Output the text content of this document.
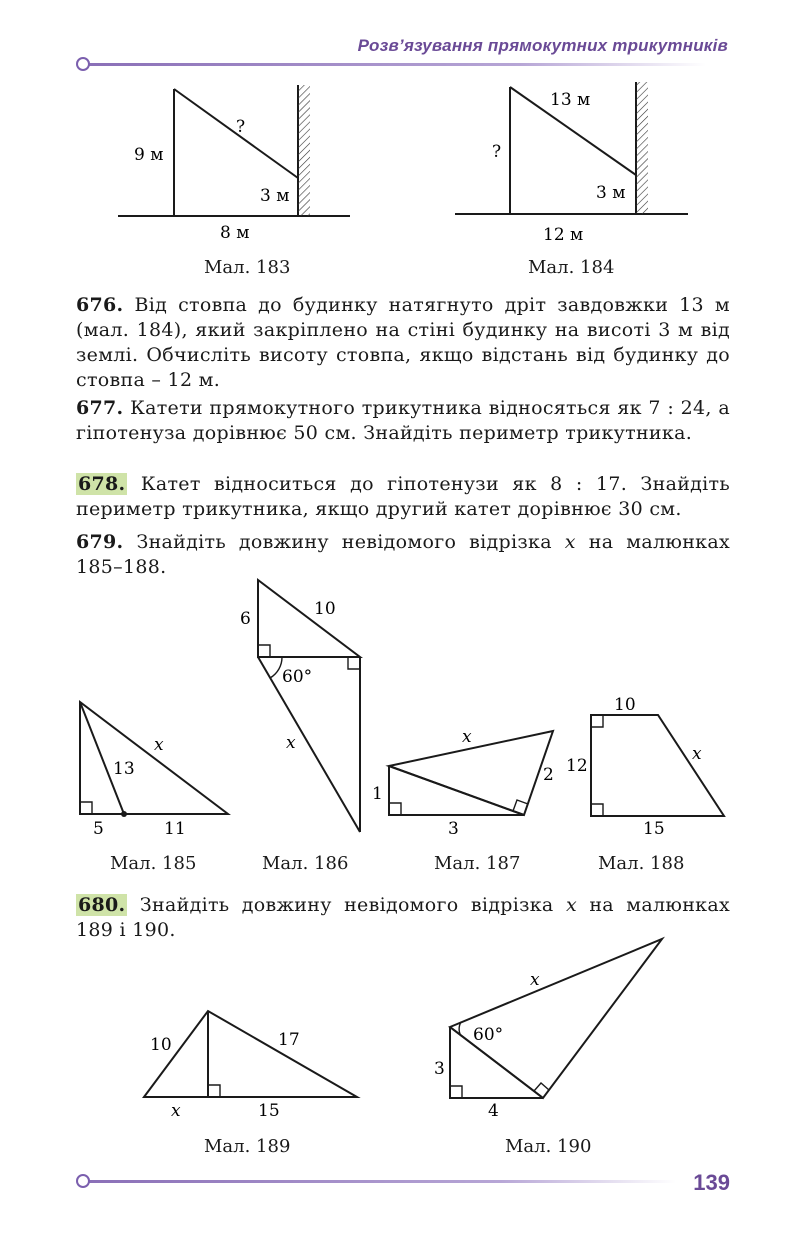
Розв’язування прямокутних трикутників
9 м
?
3 м
8 м
?
13 м
3 м
12 м
x
13
5	11
6	10
60°
x	x
1
2
3
10
12
x
15
10	17
x	15
x
60°
3
4
Мал. 183	Мал. 184
Мал. 185	Мал. 186	Мал. 187	Мал. 188
Мал. 189	Мал. 190
676. Від стовпа до будинку натягнуто дріт завдовжки 13 м (мал. 184), який закріплено на стіні будинку на висоті 3 м від землі. Обчисліть висоту стовпа, якщо відстань від будинку до стовпа – 12 м.
677. Катети прямокутного трикутника відносяться як 7 : 24, а гіпотенуза дорівнює 50 см. Знайдіть периметр трикутника.
678. Катет відноситься до гіпотенузи як 8 : 17. Знайдіть периметр трикутника, якщо другий катет дорівнює 30 см.
679. Знайдіть довжину невідомого відрізка x на малюнках 185–188.
680. Знайдіть довжину невідомого відрізка x на малюнках 189 і 190.
139
